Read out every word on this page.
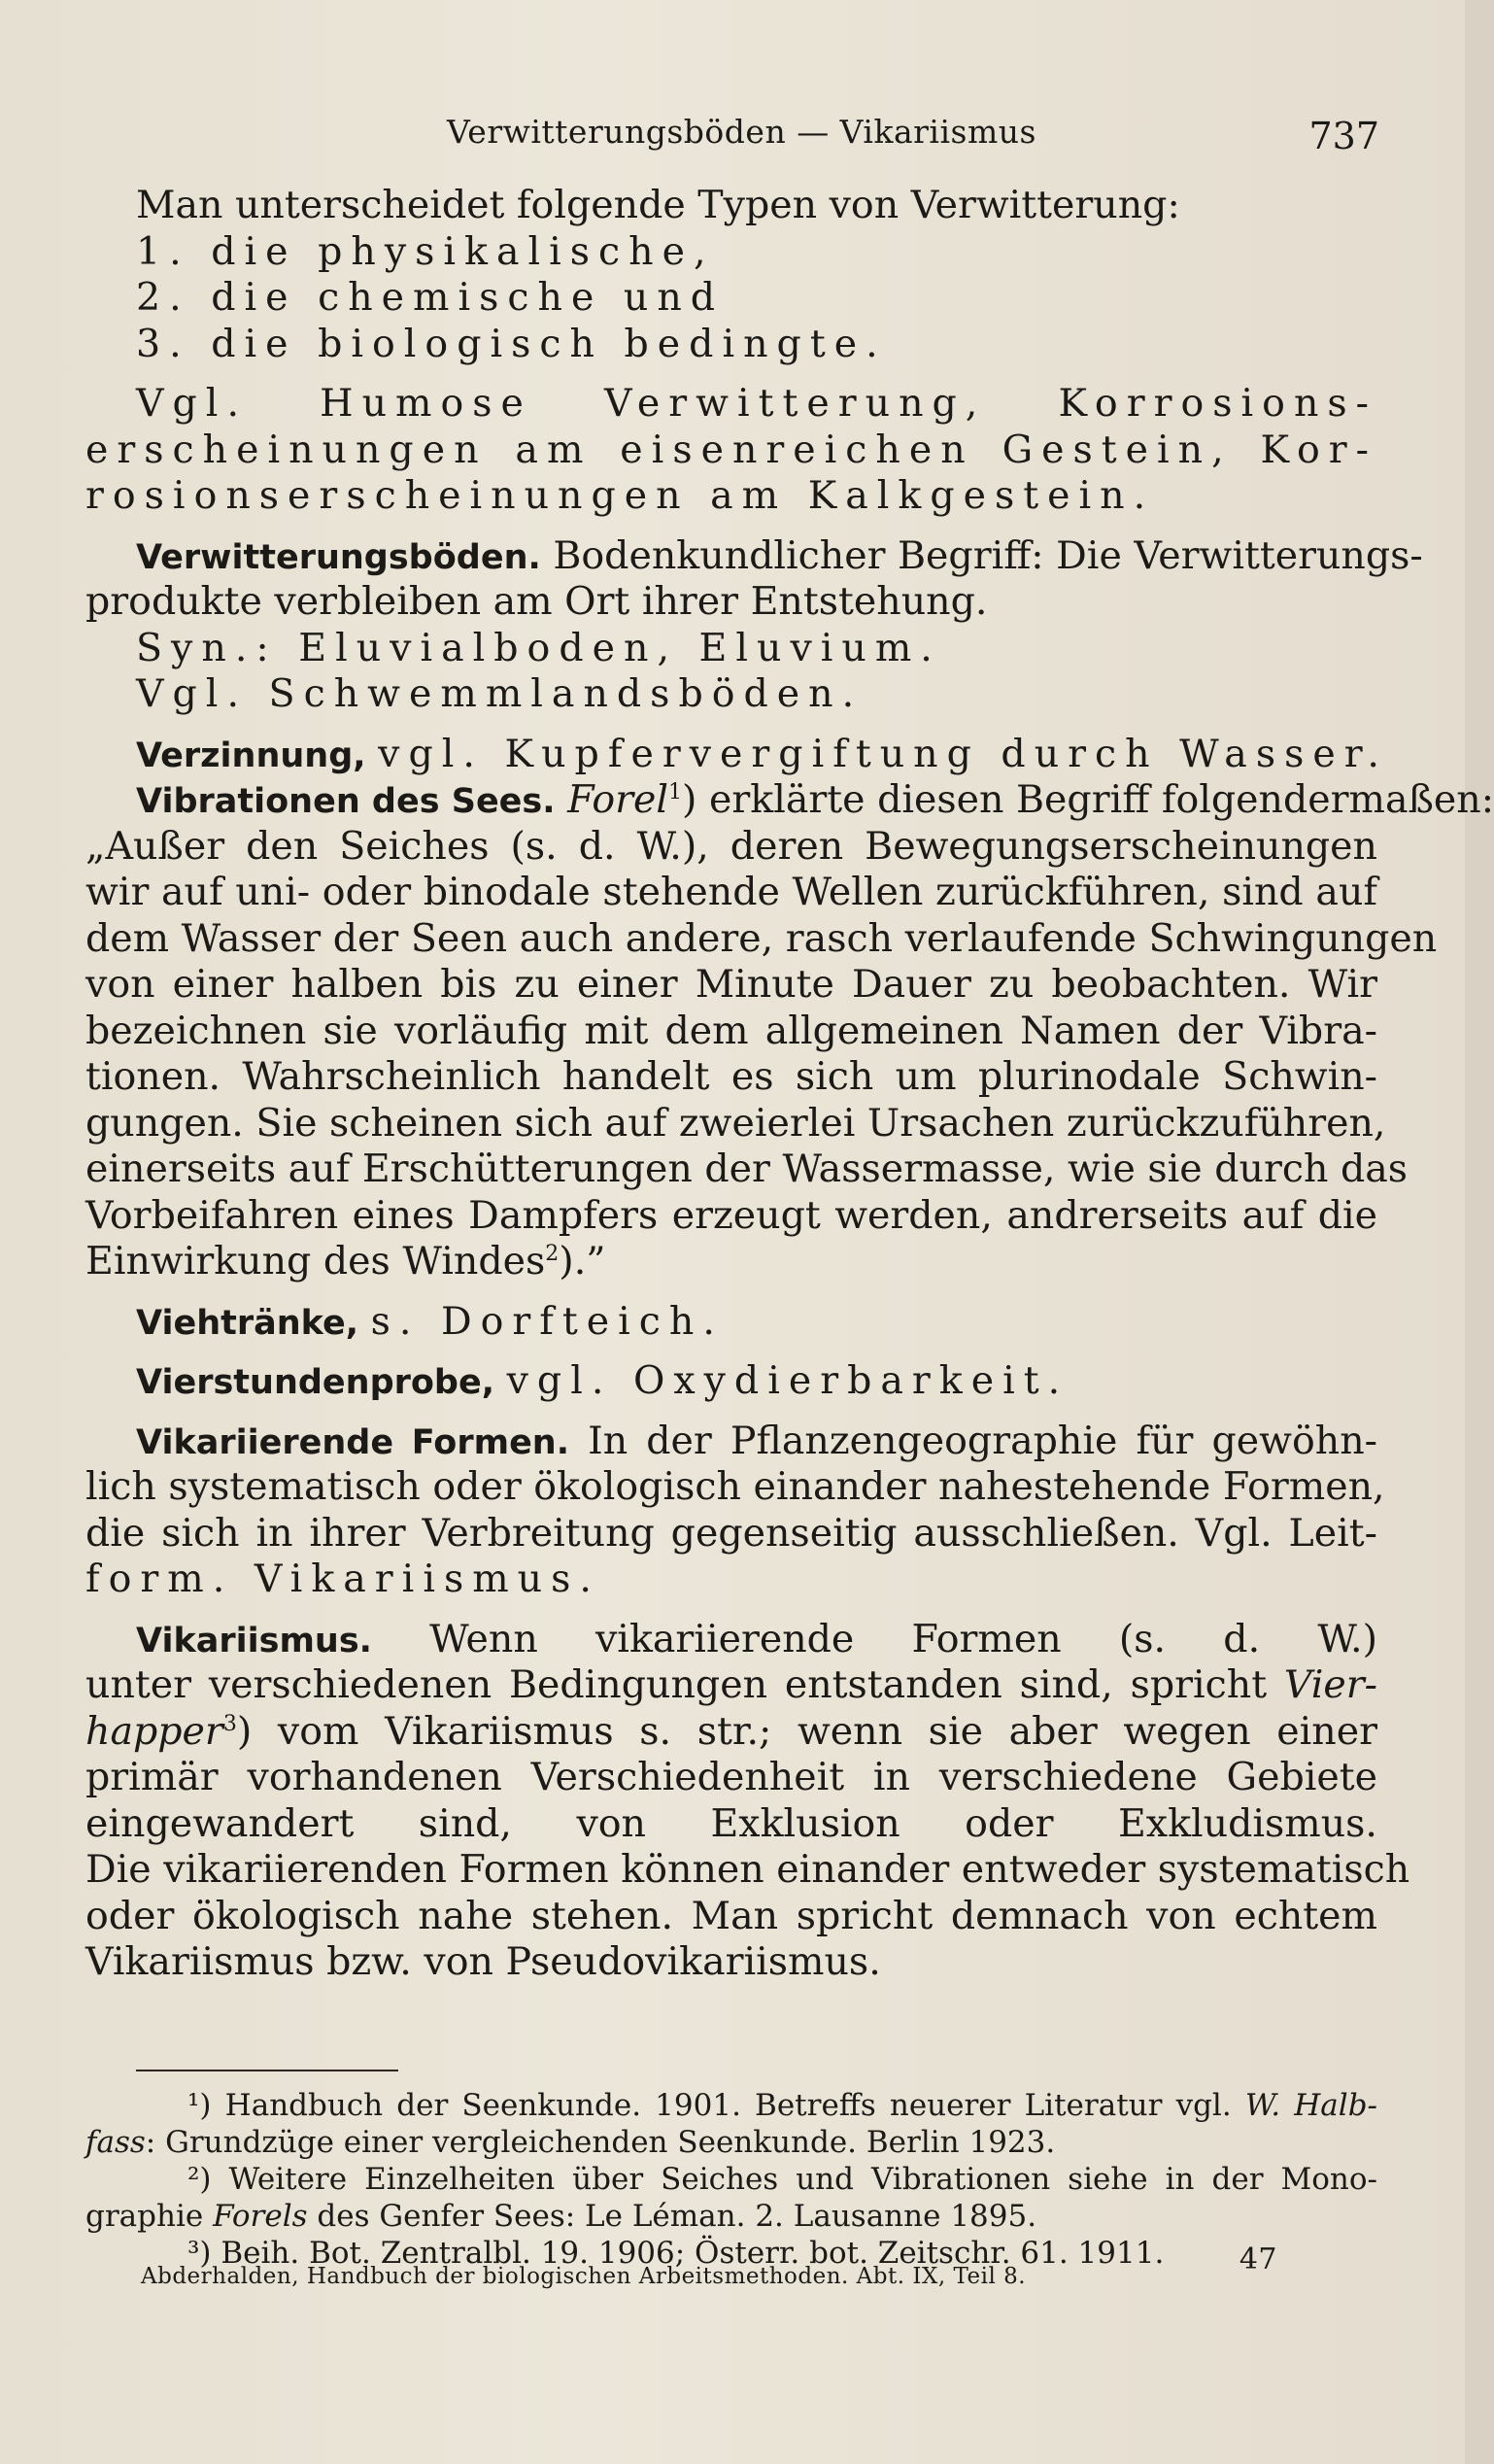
Verwitterungsböden — Vikariismus	737
Man unterscheidet folgende Typen von Verwitterung:
1. die physikalische,
2. die chemische und
3. die biologisch bedingte.
Vgl. Humose Verwitterung, Korrosions-
erscheinungen am eisenreichen Gestein, Kor-
rosionserscheinungen am Kalkgestein.
Verwitterungsböden. Bodenkundlicher Begriff: Die Verwitterungs-
produkte verbleiben am Ort ihrer Entstehung.
Syn.: Eluvialboden, Eluvium.
Vgl. Schwemmlandsböden.
Verzinnung, vgl. Kupfervergiftung durch Wasser.
Vibrationen des Sees. Forel$^1$) erklärte diesen Begriff folgendermaßen:
„Außer den Seiches (s. d. W.), deren Bewegungserscheinungen
wir auf uni- oder binodale stehende Wellen zurückführen, sind auf
dem Wasser der Seen auch andere, rasch verlaufende Schwingungen
von einer halben bis zu einer Minute Dauer zu beobachten. Wir
bezeichnen sie vorläufig mit dem allgemeinen Namen der Vibra-
tionen. Wahrscheinlich handelt es sich um plurinodale Schwin-
gungen. Sie scheinen sich auf zweierlei Ursachen zurückzuführen,
einerseits auf Erschütterungen der Wassermasse, wie sie durch das
Vorbeifahren eines Dampfers erzeugt werden, andrerseits auf die
Einwirkung des Windes$^2$).”
Viehtränke, s. Dorfteich.
Vierstundenprobe, vgl. Oxydierbarkeit.
Vikariierende Formen. In der Pflanzengeographie für gewöhn-
lich systematisch oder ökologisch einander nahestehende Formen,
die sich in ihrer Verbreitung gegenseitig ausschließen. Vgl. Leit-
form. Vikariismus.
Vikariismus. Wenn vikariierende Formen (s. d. W.)
unter verschiedenen Bedingungen entstanden sind, spricht Vier-
happer$^3$) vom Vikariismus s. str.; wenn sie aber wegen einer
primär vorhandenen Verschiedenheit in verschiedene Gebiete
eingewandert sind, von Exklusion oder Exkludismus.
Die vikariierenden Formen können einander entweder systematisch
oder ökologisch nahe stehen. Man spricht demnach von echtem
Vikariismus bzw. von Pseudovikariismus.
¹) Handbuch der Seenkunde. 1901. Betreffs neuerer Literatur vgl. W. Halb-
fass: Grundzüge einer vergleichenden Seenkunde. Berlin 1923.
²) Weitere Einzelheiten über Seiches und Vibrationen siehe in der Mono-
graphie Forels des Genfer Sees: Le Léman. 2. Lausanne 1895.
³) Beih. Bot. Zentralbl. 19. 1906; Österr. bot. Zeitschr. 61. 1911.
Abderhalden, Handbuch der biologischen Arbeitsmethoden. Abt. IX, Teil 8.	47
